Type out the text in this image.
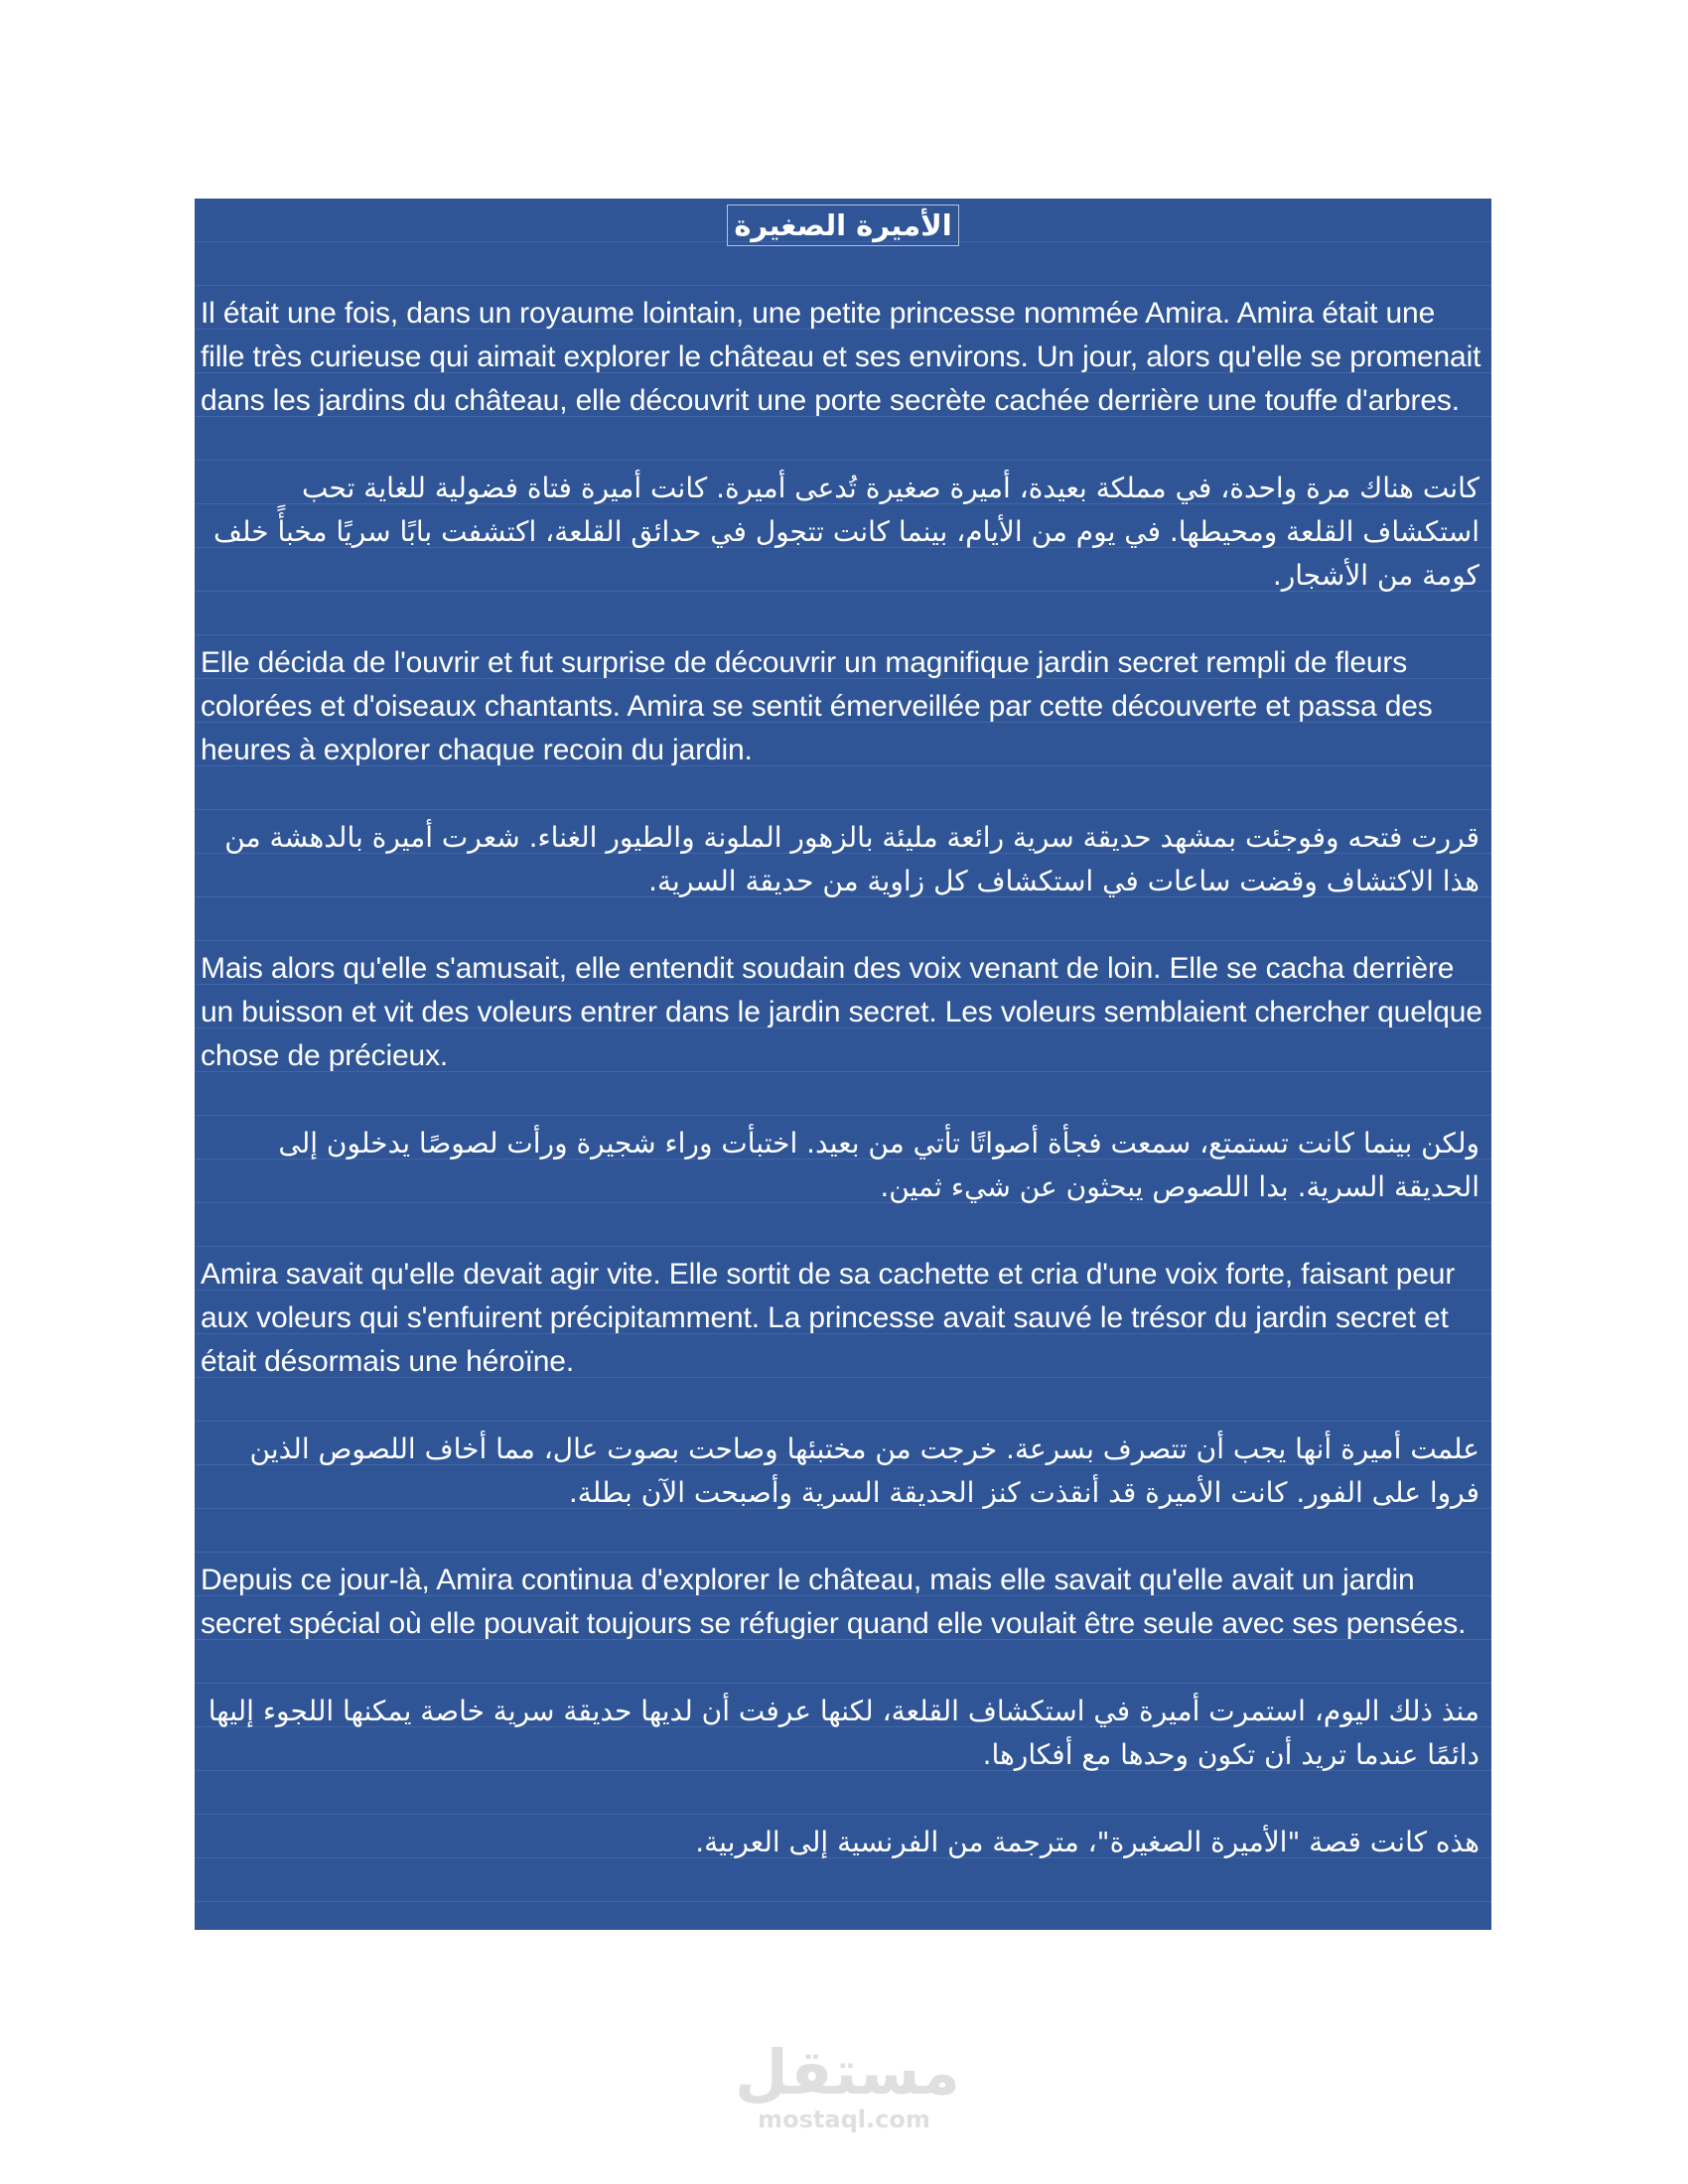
الأميرة الصغيرة

Il était une fois, dans un royaume lointain, une petite princesse nommée Amira. Amira était une fille très curieuse qui aimait explorer le château et ses environs. Un jour, alors qu'elle se promenait dans les jardins du château, elle découvrit une porte secrète cachée derrière une touffe d'arbres.

كانت هناك مرة واحدة، في مملكة بعيدة، أميرة صغيرة تُدعى أميرة. كانت أميرة فتاة فضولية للغاية تحب استكشاف القلعة ومحيطها. في يوم من الأيام، بينما كانت تتجول في حدائق القلعة، اكتشفت بابًا سريًا مخبأً خلف كومة من الأشجار.

Elle décida de l'ouvrir et fut surprise de découvrir un magnifique jardin secret rempli de fleurs colorées et d'oiseaux chantants. Amira se sentit émerveillée par cette découverte et passa des heures à explorer chaque recoin du jardin.

قررت فتحه وفوجئت بمشهد حديقة سرية رائعة مليئة بالزهور الملونة والطيور الغناء. شعرت أميرة بالدهشة من هذا الاكتشاف وقضت ساعات في استكشاف كل زاوية من حديقة السرية.

Mais alors qu'elle s'amusait, elle entendit soudain des voix venant de loin. Elle se cacha derrière un buisson et vit des voleurs entrer dans le jardin secret. Les voleurs semblaient chercher quelque chose de précieux.

ولكن بينما كانت تستمتع، سمعت فجأة أصواتًا تأتي من بعيد. اختبأت وراء شجيرة ورأت لصوصًا يدخلون إلى الحديقة السرية. بدا اللصوص يبحثون عن شيء ثمين.

Amira savait qu'elle devait agir vite. Elle sortit de sa cachette et cria d'une voix forte, faisant peur aux voleurs qui s'enfuirent précipitamment. La princesse avait sauvé le trésor du jardin secret et était désormais une héroïne.

علمت أميرة أنها يجب أن تتصرف بسرعة. خرجت من مختبئها وصاحت بصوت عال، مما أخاف اللصوص الذين فروا على الفور. كانت الأميرة قد أنقذت كنز الحديقة السرية وأصبحت الآن بطلة.

Depuis ce jour-là, Amira continua d'explorer le château, mais elle savait qu'elle avait un jardin secret spécial où elle pouvait toujours se réfugier quand elle voulait être seule avec ses pensées.

منذ ذلك اليوم، استمرت أميرة في استكشاف القلعة، لكنها عرفت أن لديها حديقة سرية خاصة يمكنها اللجوء إليها دائمًا عندما تريد أن تكون وحدها مع أفكارها.

هذه كانت قصة "الأميرة الصغيرة"، مترجمة من الفرنسية إلى العربية.

مستقل
mostaql.com
